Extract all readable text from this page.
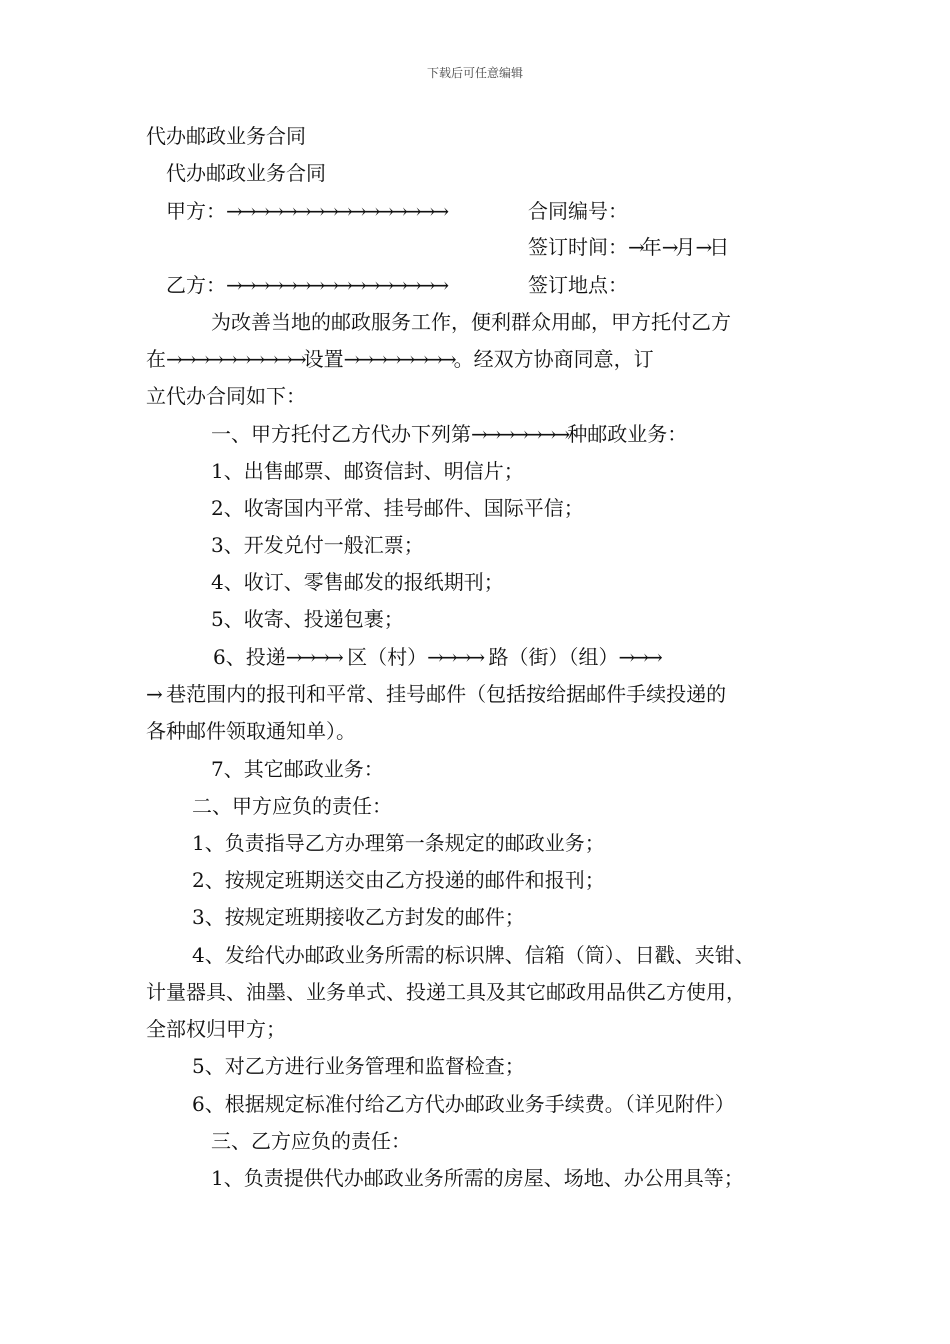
下载后可任意编辑
代办邮政业务合同
代办邮政业务合同
甲方：→→→→→→→→→→→→→→→→	合同编号：
签订时间：→年→月→日
乙方：→→→→→→→→→→→→→→→→	签订地点：
为改善当地的邮政服务工作，便利群众用邮，甲方托付乙方
在→→→→→→→→→→设置→→→→→→→→。经双方协商同意，订
立代办合同如下：
一、甲方托付乙方代办下列第→→→→→→→种邮政业务：
1、出售邮票、邮资信封、明信片；
2、收寄国内平常、挂号邮件、国际平信；
3、开发兑付一般汇票；
4、收订、零售邮发的报纸期刊；
5、收寄、投递包裹；
6、投递→→→→ 区（村）→→→→ 路（街）（组）→→→
→ 巷范围内的报刊和平常、挂号邮件（包括按给据邮件手续投递的
各种邮件领取通知单）。
7、其它邮政业务：
二、甲方应负的责任：
1、负责指导乙方办理第一条规定的邮政业务；
2、按规定班期送交由乙方投递的邮件和报刊；
3、按规定班期接收乙方封发的邮件；
4、发给代办邮政业务所需的标识牌、信箱（筒）、日戳、夹钳、
计量器具、油墨、业务单式、投递工具及其它邮政用品供乙方使用，
全部权归甲方；
5、对乙方进行业务管理和监督检查；
6、根据规定标准付给乙方代办邮政业务手续费。（详见附件）
三、乙方应负的责任：
1、负责提供代办邮政业务所需的房屋、场地、办公用具等；
